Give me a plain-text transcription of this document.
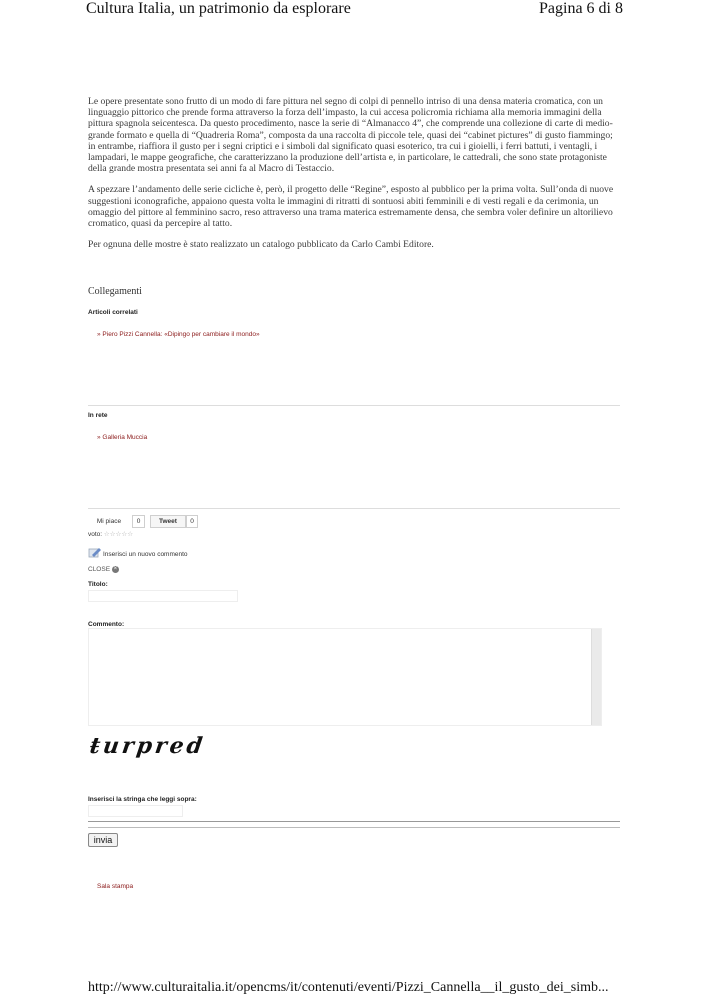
Cultura Italia, un patrimonio da esplorare	Pagina 6 di 8

Le opere presentate sono frutto di un modo di fare pittura nel segno di colpi di pennello intriso di una densa materia cromatica, con un linguaggio pittorico che prende forma attraverso la forza dell’impasto, la cui accesa policromia richiama alla memoria immagini della pittura spagnola seicentesca. Da questo procedimento, nasce la serie di “Almanacco 4”, che comprende una collezione di carte di medio-grande formato e quella di “Quadreria Roma”, composta da una raccolta di piccole tele, quasi dei “cabinet pictures” di gusto fiammingo; in entrambe, riaffiora il gusto per i segni criptici e i simboli dal significato quasi esoterico, tra cui i gioielli, i ferri battuti, i ventagli, i lampadari, le mappe geografiche, che caratterizzano la produzione dell’artista e, in particolare, le cattedrali, che sono state protagoniste della grande mostra presentata sei anni fa al Macro di Testaccio.

A spezzare l’andamento delle serie cicliche è, però, il progetto delle “Regine”, esposto al pubblico per la prima volta. Sull’onda di nuove suggestioni iconografiche, appaiono questa volta le immagini di ritratti di sontuosi abiti femminili e di vesti regali e da cerimonia, un omaggio del pittore al femminino sacro, reso attraverso una trama materica estremamente densa, che sembra voler definire un altorilievo cromatico, quasi da percepire al tatto.

Per ognuna delle mostre è stato realizzato un catalogo pubblicato da Carlo Cambi Editore.

Collegamenti
Articoli correlati
» Piero Pizzi Cannella: «Dipingo per cambiare il mondo»
In rete
» Galleria Muccia
Mi piace	0	Tweet	0
voto: ☆☆☆☆☆
Inserisci un nuovo commento
CLOSE ×
Titolo:
Commento:
ŧurpred
Inserisci la stringa che leggi sopra:
invia
Sala stampa
http://www.culturaitalia.it/opencms/it/contenuti/eventi/Pizzi_Cannella__il_gusto_dei_simb...
